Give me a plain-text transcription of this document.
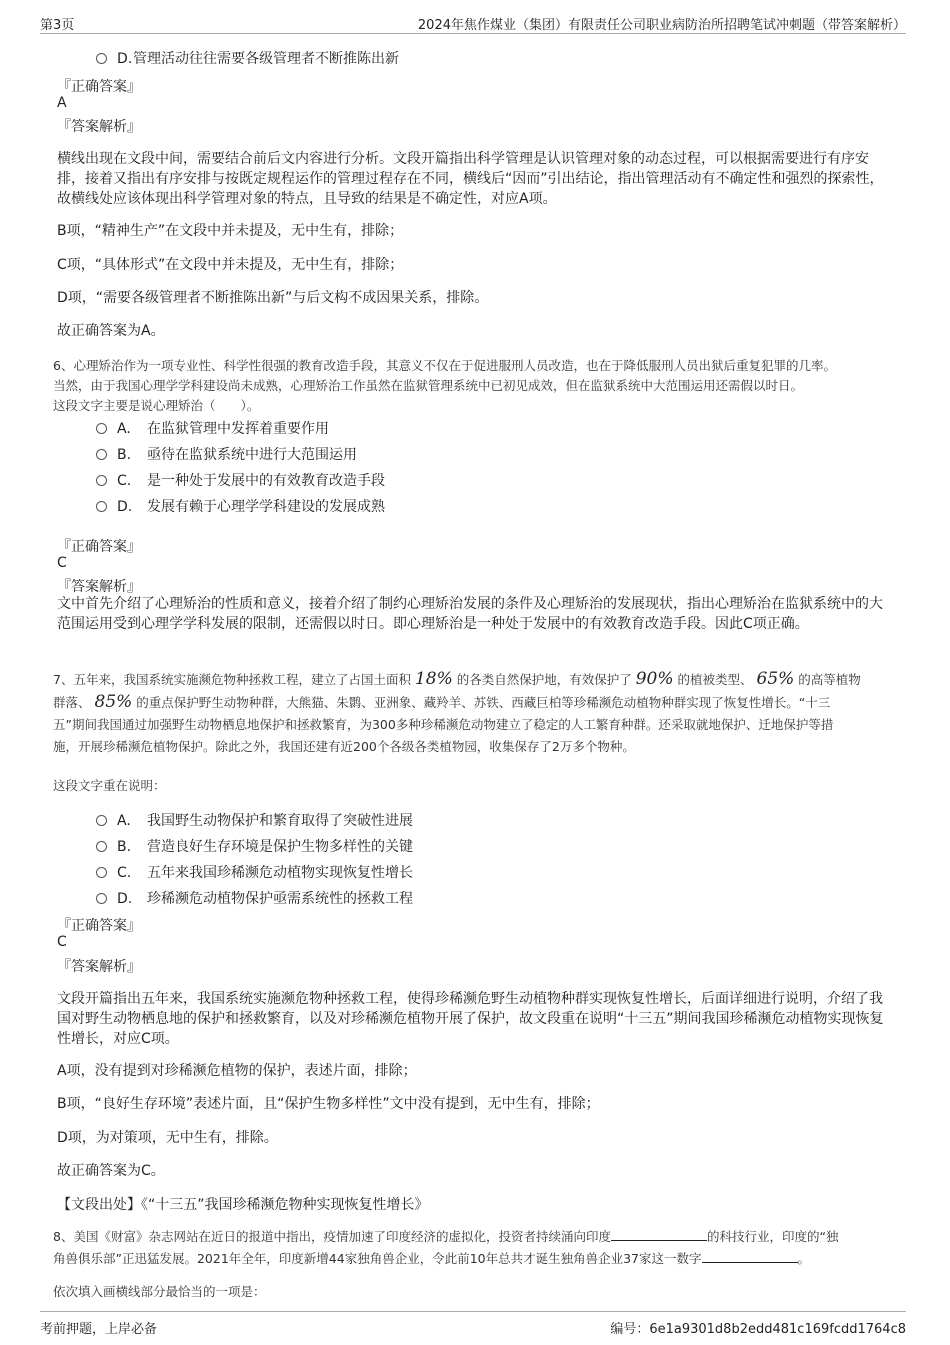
第3页	2024年焦作煤业（集团）有限责任公司职业病防治所招聘笔试冲刺题（带答案解析）
D.管理活动往往需要各级管理者不断推陈出新
『正确答案』
A
『答案解析』
横线出现在文段中间，需要结合前后文内容进行分析。文段开篇指出科学管理是认识管理对象的动态过程，可以根据需要进行有序安排，接着又指出有序安排与按既定规程运作的管理过程存在不同，横线后“因而”引出结论，指出管理活动有不确定性和强烈的探索性，故横线处应该体现出科学管理对象的特点，且导致的结果是不确定性，对应A项。
B项，“精神生产”在文段中并未提及，无中生有，排除；
C项，“具体形式”在文段中并未提及，无中生有，排除；
D项，“需要各级管理者不断推陈出新”与后文构不成因果关系，排除。
故正确答案为A。
6、心理矫治作为一项专业性、科学性很强的教育改造手段，其意义不仅在于促进服刑人员改造，也在于降低服刑人员出狱后重复犯罪的几率。
当然，由于我国心理学学科建设尚未成熟，心理矫治工作虽然在监狱管理系统中已初见成效，但在监狱系统中大范围运用还需假以时日。
这段文字主要是说心理矫治（　　）。
A. 在监狱管理中发挥着重要作用
B. 亟待在监狱系统中进行大范围运用
C. 是一种处于发展中的有效教育改造手段
D. 发展有赖于心理学学科建设的发展成熟
『正确答案』
C
『答案解析』
文中首先介绍了心理矫治的性质和意义，接着介绍了制约心理矫治发展的条件及心理矫治的发展现状，指出心理矫治在监狱系统中的大范围运用受到心理学学科发展的限制，还需假以时日。即心理矫治是一种处于发展中的有效教育改造手段。因此C项正确。
7、五年来，我国系统实施濒危物种拯救工程，建立了占国土面积 18% 的各类自然保护地，有效保护了 90% 的植被类型、 65% 的高等植物
群落、 85% 的重点保护野生动物种群，大熊猫、朱鹮、亚洲象、藏羚羊、苏铁、西藏巨柏等珍稀濒危动植物种群实现了恢复性增长。“十三
五”期间我国通过加强野生动物栖息地保护和拯救繁育，为300多种珍稀濒危动物建立了稳定的人工繁育种群。还采取就地保护、迁地保护等措
施，开展珍稀濒危植物保护。除此之外，我国还建有近200个各级各类植物园，收集保存了2万多个物种。
这段文字重在说明：
A. 我国野生动物保护和繁育取得了突破性进展
B. 营造良好生存环境是保护生物多样性的关键
C. 五年来我国珍稀濒危动植物实现恢复性增长
D. 珍稀濒危动植物保护亟需系统性的拯救工程
『正确答案』
C
『答案解析』
文段开篇指出五年来，我国系统实施濒危物种拯救工程，使得珍稀濒危野生动植物种群实现恢复性增长，后面详细进行说明，介绍了我国对野生动物栖息地的保护和拯救繁育，以及对珍稀濒危植物开展了保护，故文段重在说明“十三五”期间我国珍稀濒危动植物实现恢复性增长，对应C项。
A项，没有提到对珍稀濒危植物的保护，表述片面，排除；
B项，“良好生存环境”表述片面，且“保护生物多样性”文中没有提到，无中生有，排除；
D项，为对策项，无中生有，排除。
故正确答案为C。
【文段出处】《“十三五”我国珍稀濒危物种实现恢复性增长》
8、美国《财富》杂志网站在近日的报道中指出，疫情加速了印度经济的虚拟化，投资者持续涌向印度	的科技行业，印度的“独
角兽俱乐部”正迅猛发展。2021年全年，印度新增44家独角兽企业，令此前10年总共才诞生独角兽企业37家这一数字	。
依次填入画横线部分最恰当的一项是：
考前押题，上岸必备	编号：6e1a9301d8b2edd481c169fcdd1764c8
